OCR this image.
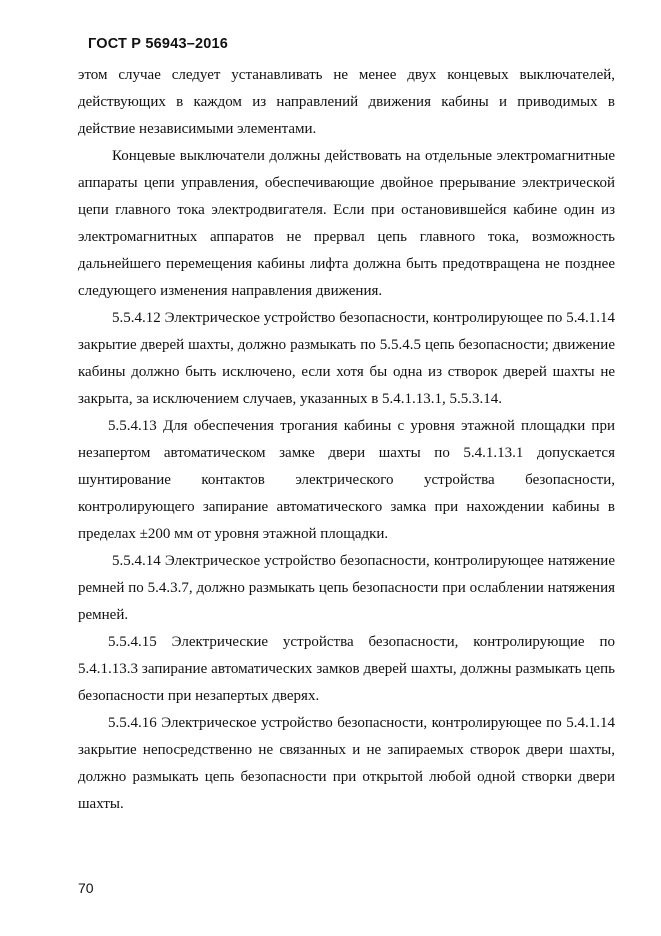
ГОСТ Р 56943–2016

этом случае следует устанавливать не менее двух концевых выключателей, действующих в каждом из направлений движения кабины и приводимых в действие независимыми элементами.

Концевые выключатели должны действовать на отдельные электромагнитные аппараты цепи управления, обеспечивающие двойное прерывание электрической цепи главного тока электродвигателя. Если при остановившейся кабине один из электромагнитных аппаратов не прервал цепь главного тока, возможность дальнейшего перемещения кабины лифта должна быть предотвращена не позднее следующего изменения направления движения.

5.5.4.12 Электрическое устройство безопасности, контролирующее по 5.4.1.14 закрытие дверей шахты, должно размыкать по 5.5.4.5 цепь безопасности; движение кабины должно быть исключено, если хотя бы одна из створок дверей шахты не закрыта, за исключением случаев, указанных в 5.4.1.13.1, 5.5.3.14.

5.5.4.13 Для обеспечения трогания кабины с уровня этажной площадки при незапертом автоматическом замке двери шахты по 5.4.1.13.1 допускается шунтирование контактов электрического устройства безопасности, контролирующего запирание автоматического замка при нахождении кабины в пределах ±200 мм от уровня этажной площадки.

5.5.4.14 Электрическое устройство безопасности, контролирующее натяжение ремней по 5.4.3.7, должно размыкать цепь безопасности при ослаблении натяжения ремней.

5.5.4.15 Электрические устройства безопасности, контролирующие по 5.4.1.13.3 запирание автоматических замков дверей шахты, должны размыкать цепь безопасности при незапертых дверях.

5.5.4.16 Электрическое устройство безопасности, контролирующее по 5.4.1.14 закрытие непосредственно не связанных и не запираемых створок двери шахты, должно размыкать цепь безопасности при открытой любой одной створки двери шахты.

70
